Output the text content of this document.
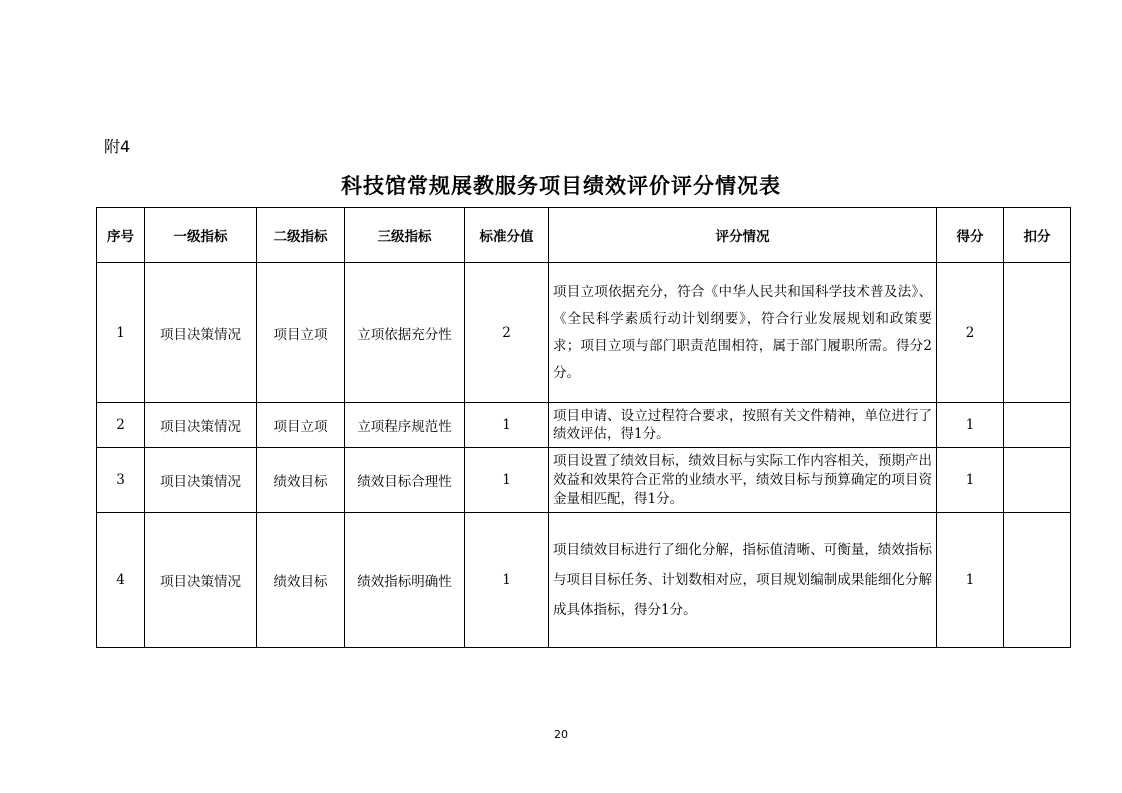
附4
科技馆常规展教服务项目绩效评价评分情况表
序号	一级指标	二级指标	三级指标	标准分值	评分情况	得分	扣分
1	项目决策情况	项目立项	立项依据充分性	2	项目立项依据充分，符合《中华人民共和国科学技术普及法》、《全民科学素质行动计划纲要》，符合行业发展规划和政策要求；项目立项与部门职责范围相符，属于部门履职所需。得分2分。	2	
2	项目决策情况	项目立项	立项程序规范性	1	项目申请、设立过程符合要求，按照有关文件精神，单位进行了绩效评估，得1分。	1	
3	项目决策情况	绩效目标	绩效目标合理性	1	项目设置了绩效目标，绩效目标与实际工作内容相关，预期产出效益和效果符合正常的业绩水平，绩效目标与预算确定的项目资金量相匹配，得1分。	1	
4	项目决策情况	绩效目标	绩效指标明确性	1	项目绩效目标进行了细化分解，指标值清晰、可衡量，绩效指标与项目目标任务、计划数相对应，项目规划编制成果能细化分解成具体指标，得分1分。	1	
20
